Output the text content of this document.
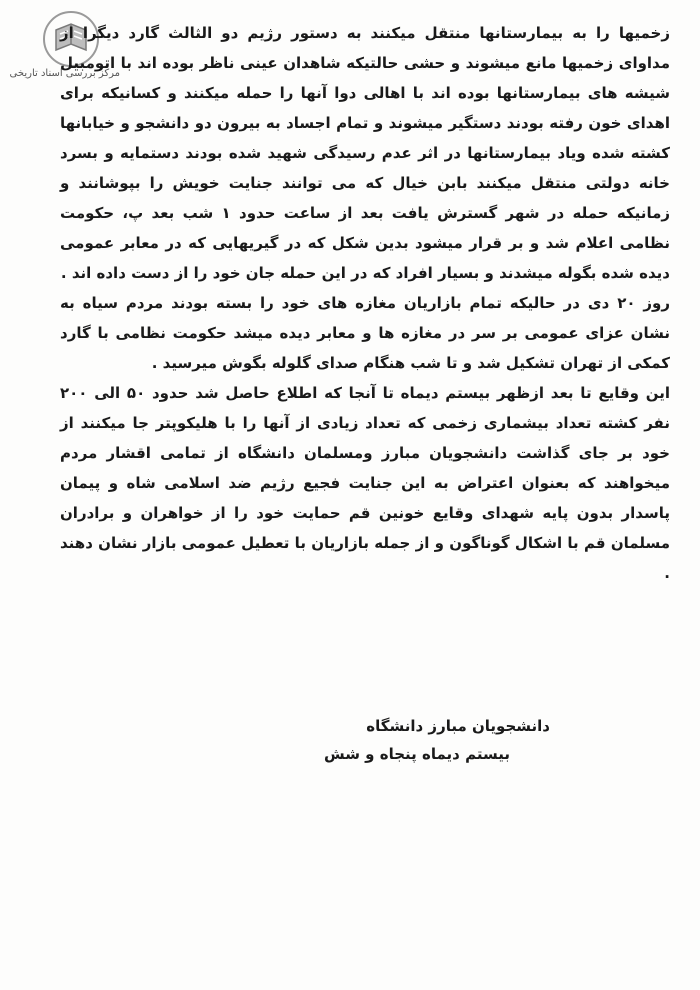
مرکز بررسی اسناد تاریخی

زخمیها را به بیمارستانها منتقل میکنند به دستور رژیم دو الثالث گارد دیگرا از مداوای زخمیها مانع میشوند و حشی حالتیکه شاهدان عینی ناظر بوده اند با اتومبیل شیشه های بیمارستانها بوده اند با اهالی دوا آنها را حمله میکنند و کسانیکه برای اهدای خون رفته بودند دستگیر میشوند و تمام اجساد به بیرون دو دانشجو و خیابانها کشته شده ویاد بیمارستانها در اثر عدم رسیدگی شهید شده بودند دستمایه و بسرد خانه دولتی منتقل میکنند بابن خیال که می توانند جنایت خویش را بپوشانند و زمانیکه حمله در شهر گسترش یافت بعد از ساعت حدود ۱ شب بعد پ، حکومت نظامی اعلام شد و بر قرار میشود بدین شکل که در گیریهایی که در معابر عمومی دیده شده بگوله میشدند و بسیار افراد که در این حمله جان خود را از دست داده اند .

روز ۲۰ دی در حالیکه تمام بازاریان مغازه های خود را بسته بودند مردم سیاه به نشان عزای عمومی بر سر در مغازه ها و معابر دیده میشد حکومت نظامی با گارد کمکی از تهران تشکیل شد و تا شب هنگام صدای گلوله بگوش میرسید .

این وقایع تا بعد ازظهر بیستم دیماه تا آنجا که اطلاع حاصل شد حدود ۵۰ الی ۲۰۰ نفر کشته تعداد بیشماری زخمی که تعداد زیادی از آنها را با هلیکوپتر جا میکنند از خود بر جای گذاشت دانشجویان مبارز ومسلمان دانشگاه از تمامی اقشار مردم میخواهند که بعنوان اعتراض به این جنایت فجیع رژیم ضد اسلامی شاه و پیمان پاسدار بدون پایه شهدای وقایع خونین قم حمایت خود را از خواهران و برادران مسلمان قم با اشکال گوناگون و از جمله بازاریان با تعطیل عمومی بازار نشان دهند .

دانشجویان مبارز دانشگاه
بیستم دیماه پنجاه و شش
